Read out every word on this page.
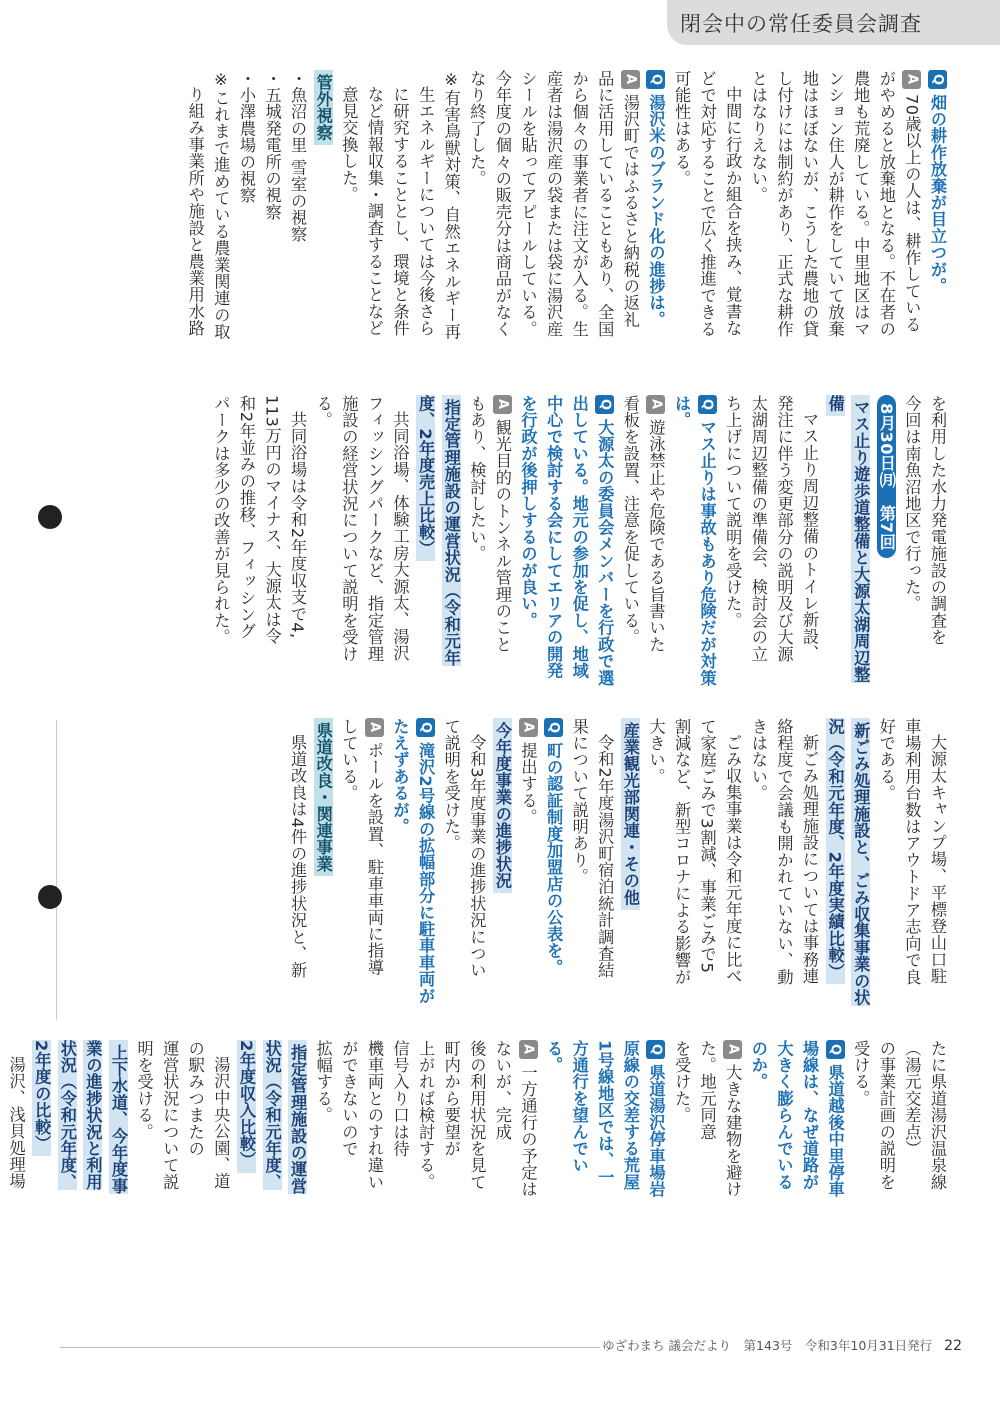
閉会中の常任委員会調査

Q畑の耕作放棄が目立つが。

A70歳以上の人は、耕作している

がやめると放棄地となる。不在者の

農地も荒廃している。中里地区はマ

ンション住人が耕作をしていて放棄

地はほぼないが、こうした農地の貸

し付けには制約があり、正式な耕作

とはなりえない。

中間に行政か組合を挟み、覚書な

どで対応することで広く推進できる

可能性はある。

Q湯沢米のブランド化の進捗は。

A湯沢町ではふるさと納税の返礼

品に活用していることもあり、全国

から個々の事業者に注文が入る。生

産者は湯沢産の袋または袋に湯沢産

シールを貼ってアピールしている。

今年度の個々の販売分は商品がなく

なり終了した。

※有害鳥獣対策、自然エネルギー再

生エネルギーについては今後さら

に研究することとし、環境と条件

など情報収集・調査することなど

意見交換した。

管外視察

・魚沼の里 雪室の視察

・五城発電所の視察

・小澤農場の視察

※これまで進めている農業関連の取

り組み事業所や施設と農業用水路

を利用した水力発電施設の調査を

今回は南魚沼地区で行った。

8月30日㈪　第7回

マス止り遊歩道整備と大源太湖周辺整備

マス止り周辺整備のトイレ新設、

発注に伴う変更部分の説明及び大源

太湖周辺整備の準備会、検討会の立

ち上げについて説明を受けた。

Qマス止りは事故もあり危険だが対策は。

A遊泳禁止や危険である旨書いた

看板を設置、注意を促している。

Q大源太の委員会メンバーを行政で選出している。地元の参加を促し、地域中心で検討する会にしてエリアの開発を行政が後押しするのが良い。

A観光目的のトンネル管理のこと

もあり、検討したい。

指定管理施設の運営状況（令和元年度、2年度売上比較）

共同浴場、体験工房大源太、湯沢

フィッシングパークなど、指定管理

施設の経営状況について説明を受け

る。

共同浴場は令和2年度収支で4,

113万円のマイナス、大源太は令

和2年並みの推移、フィッシング

パークは多少の改善が見られた。

大源太キャンプ場、平標登山口駐

車場利用台数はアウトドア志向で良

好である。

新ごみ処理施設と、ごみ収集事業の状況（令和元年度、2年度実績比較）

新ごみ処理施設については事務連

絡程度で会議も開かれていない、動

きはない。

ごみ収集事業は令和元年度に比べ

て家庭ごみで3割減、事業ごみで5

割減など、新型コロナによる影響が

大きい。

産業観光部関連・その他

令和2年度湯沢町宿泊統計調査結

果について説明あり。

Q町の認証制度加盟店の公表を。

A提出する。

今年度事業の進捗状況

令和3年度事業の進捗状況につい

て説明を受けた。

Q滝沢2号線の拡幅部分に駐車車両がたえずあるが。

Aポールを設置、駐車車両に指導

している。

県道改良・関連事業

県道改良は4件の進捗状況と、新

たに県道湯沢温泉線（湯元交差点）

の事業計画の説明を受ける。

Q県道越後中里停車場線は、なぜ道路が大きく膨らんでいるのか。

A大きな建物を避けた。地元同意

を受けた。

Q県道湯沢停車場岩原線の交差する荒屋1号線地区では、一方通行を望んでいる。

A一方通行の予定はないが、完成

後の利用状況を見て町内から要望が

上がれば検討する。信号入り口は待

機車両とのすれ違いができないので

拡幅する。

指定管理施設の運営状況（令和元年度、2年度収入比較）

湯沢中央公園、道の駅みつまたの

運営状況について説明を受ける。

上下水道、今年度事業の進捗状況と利用状況（令和元年度、2年度の比較）

湯沢、浅貝処理場

ゆざわまち 議会だより　第143号　令和3年10月31日発行 22
